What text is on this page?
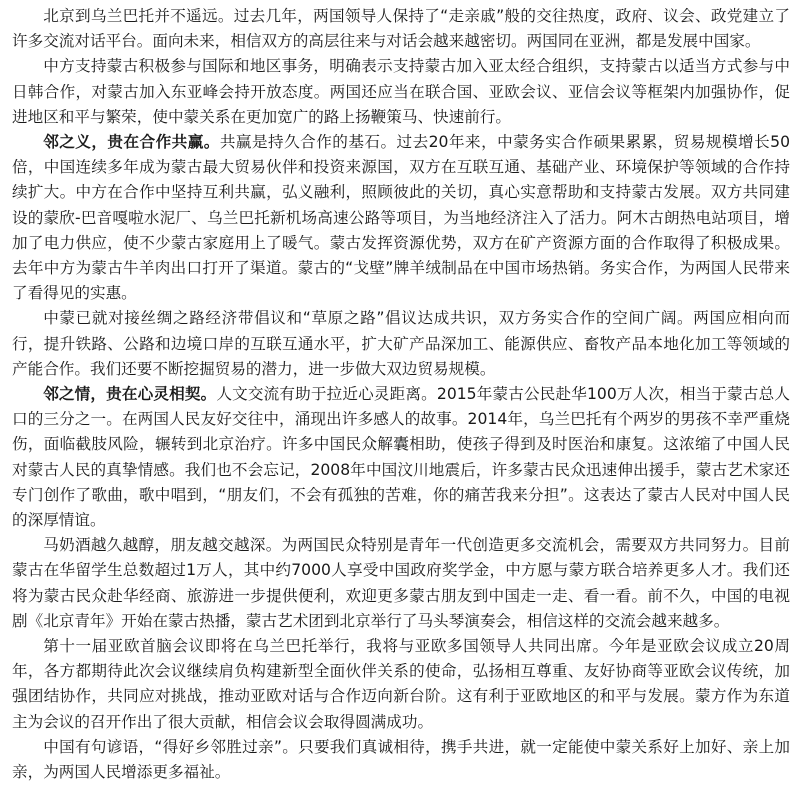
北京到乌兰巴托并不遥远。过去几年，两国领导人保持了“走亲戚”般的交往热度，政府、议会、政党建立了许多交流对话平台。面向未来，相信双方的高层往来与对话会越来越密切。两国同在亚洲，都是发展中国家。

中方支持蒙古积极参与国际和地区事务，明确表示支持蒙古加入亚太经合组织，支持蒙古以适当方式参与中日韩合作，对蒙古加入东亚峰会持开放态度。两国还应当在联合国、亚欧会议、亚信会议等框架内加强协作，促进地区和平与繁荣，使中蒙关系在更加宽广的路上扬鞭策马、快速前行。

邻之义，贵在合作共赢。共赢是持久合作的基石。过去20年来，中蒙务实合作硕果累累，贸易规模增长50倍，中国连续多年成为蒙古最大贸易伙伴和投资来源国，双方在互联互通、基础产业、环境保护等领域的合作持续扩大。中方在合作中坚持互利共赢，弘义融利，照顾彼此的关切，真心实意帮助和支持蒙古发展。双方共同建设的蒙欣-巴音嘎啦水泥厂、乌兰巴托新机场高速公路等项目，为当地经济注入了活力。阿木古朗热电站项目，增加了电力供应，使不少蒙古家庭用上了暖气。蒙古发挥资源优势，双方在矿产资源方面的合作取得了积极成果。去年中方为蒙古牛羊肉出口打开了渠道。蒙古的“戈壁”牌羊绒制品在中国市场热销。务实合作，为两国人民带来了看得见的实惠。

中蒙已就对接丝绸之路经济带倡议和“草原之路”倡议达成共识，双方务实合作的空间广阔。两国应相向而行，提升铁路、公路和边境口岸的互联互通水平，扩大矿产品深加工、能源供应、畜牧产品本地化加工等领域的产能合作。我们还要不断挖掘贸易的潜力，进一步做大双边贸易规模。

邻之情，贵在心灵相契。人文交流有助于拉近心灵距离。2015年蒙古公民赴华100万人次，相当于蒙古总人口的三分之一。在两国人民友好交往中，涌现出许多感人的故事。2014年，乌兰巴托有个两岁的男孩不幸严重烧伤，面临截肢风险，辗转到北京治疗。许多中国民众解囊相助，使孩子得到及时医治和康复。这浓缩了中国人民对蒙古人民的真挚情感。我们也不会忘记，2008年中国汶川地震后，许多蒙古民众迅速伸出援手，蒙古艺术家还专门创作了歌曲，歌中唱到，“朋友们，不会有孤独的苦难，你的痛苦我来分担”。这表达了蒙古人民对中国人民的深厚情谊。

马奶酒越久越醇，朋友越交越深。为两国民众特别是青年一代创造更多交流机会，需要双方共同努力。目前蒙古在华留学生总数超过1万人，其中约7000人享受中国政府奖学金，中方愿与蒙方联合培养更多人才。我们还将为蒙古民众赴华经商、旅游进一步提供便利，欢迎更多蒙古朋友到中国走一走、看一看。前不久，中国的电视剧《北京青年》开始在蒙古热播，蒙古艺术团到北京举行了马头琴演奏会，相信这样的交流会越来越多。

第十一届亚欧首脑会议即将在乌兰巴托举行，我将与亚欧多国领导人共同出席。今年是亚欧会议成立20周年，各方都期待此次会议继续肩负构建新型全面伙伴关系的使命，弘扬相互尊重、友好协商等亚欧会议传统，加强团结协作，共同应对挑战，推动亚欧对话与合作迈向新台阶。这有利于亚欧地区的和平与发展。蒙方作为东道主为会议的召开作出了很大贡献，相信会议会取得圆满成功。

中国有句谚语，“得好乡邻胜过亲”。只要我们真诚相待，携手共进，就一定能使中蒙关系好上加好、亲上加亲，为两国人民增添更多福祉。
